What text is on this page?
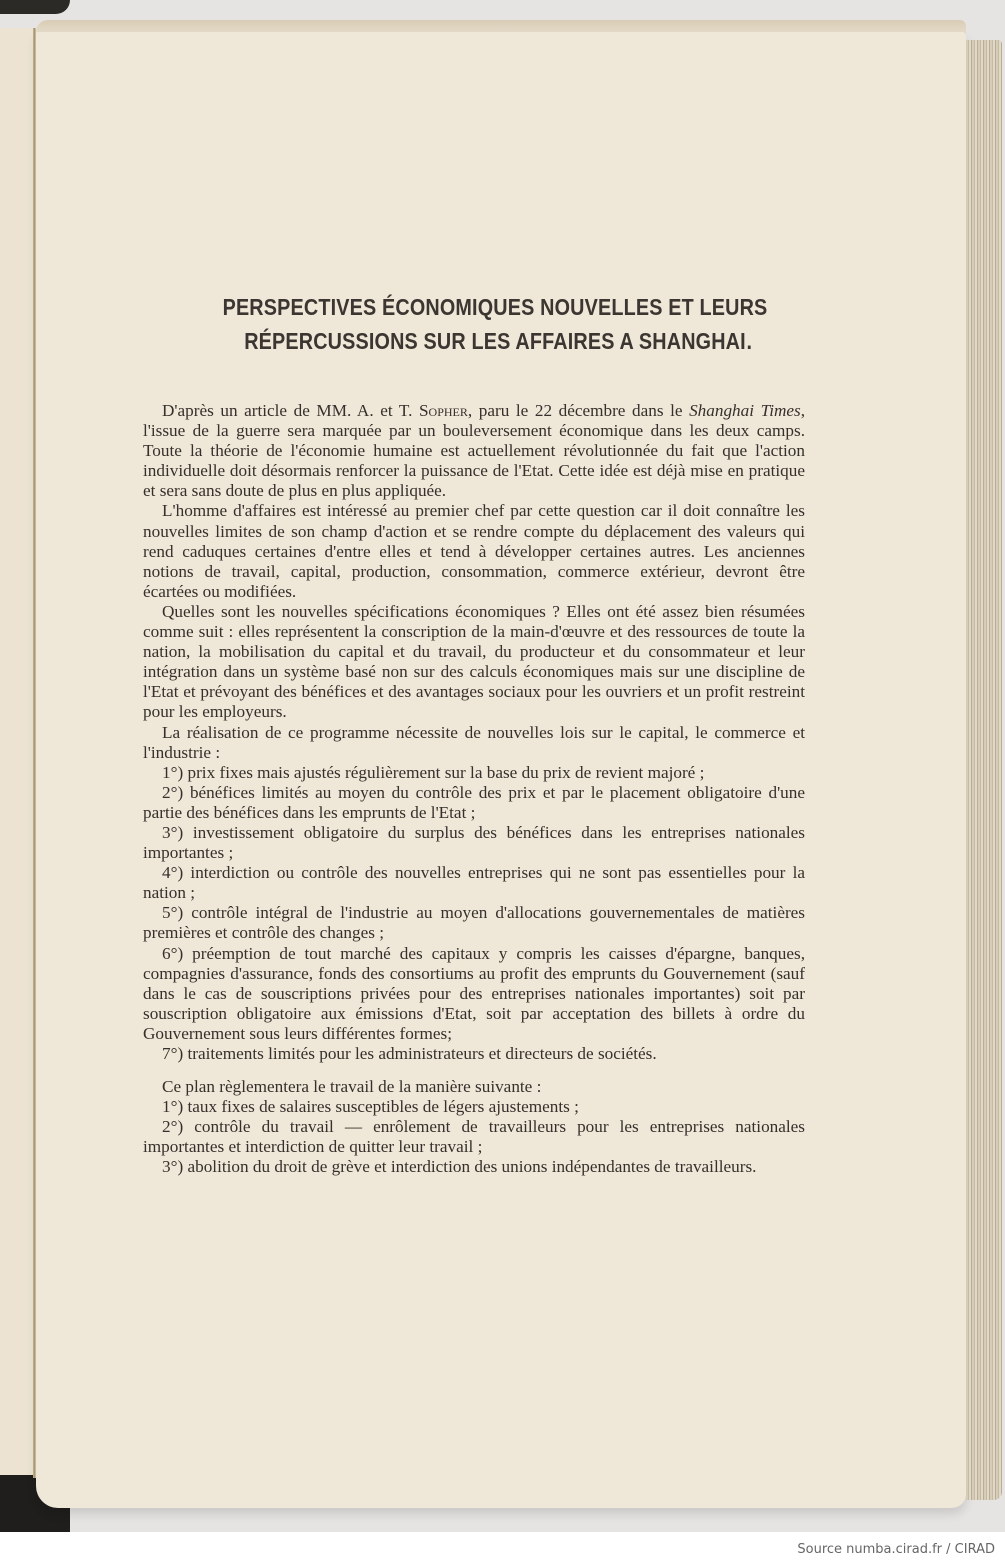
PERSPECTIVES ÉCONOMIQUES NOUVELLES ET LEURS
RÉPERCUSSIONS SUR LES AFFAIRES A SHANGHAI .

D'après un article de MM. A. et T. Sopher, paru le 22 décembre dans le Shanghai Times, l'issue de la guerre sera marquée par un bouleversement économique dans les deux camps. Toute la théorie de l'économie humaine est actuellement révolutionnée du fait que l'action individuelle doit désormais renforcer la puissance de l'Etat. Cette idée est déjà mise en pratique et sera sans doute de plus en plus appliquée.

L'homme d'affaires est intéressé au premier chef par cette question car il doit connaître les nouvelles limites de son champ d'action et se rendre compte du déplacement des valeurs qui rend caduques certaines d'entre elles et tend à développer certaines autres. Les anciennes notions de travail, capital, production, consommation, commerce extérieur, devront être écartées ou modifiées.

Quelles sont les nouvelles spécifications économiques ? Elles ont été assez bien résumées comme suit : elles représentent la conscription de la main-d'œuvre et des ressources de toute la nation, la mobilisation du capital et du travail, du producteur et du consommateur et leur intégration dans un système basé non sur des calculs économiques mais sur une discipline de l'Etat et prévoyant des bénéfices et des avantages sociaux pour les ouvriers et un profit restreint pour les employeurs.

La réalisation de ce programme nécessite de nouvelles lois sur le capital, le commerce et l'industrie :

1°) prix fixes mais ajustés régulièrement sur la base du prix de revient majoré ;

2°) bénéfices limités au moyen du contrôle des prix et par le placement obligatoire d'une partie des bénéfices dans les emprunts de l'Etat ;

3°) investissement obligatoire du surplus des bénéfices dans les entreprises nationales importantes ;

4°) interdiction ou contrôle des nouvelles entreprises qui ne sont pas essentielles pour la nation ;

5°) contrôle intégral de l'industrie au moyen d'allocations gouvernementales de matières premières et contrôle des changes ;

6°) préemption de tout marché des capitaux y compris les caisses d'épargne, banques, compagnies d'assurance, fonds des consortiums au profit des emprunts du Gouvernement (sauf dans le cas de souscriptions privées pour des entreprises nationales importantes) soit par souscription obligatoire aux émissions d'Etat, soit par acceptation des billets à ordre du Gouvernement sous leurs différentes formes;

7°) traitements limités pour les administrateurs et directeurs de sociétés.

Ce plan règlementera le travail de la manière suivante :

1°) taux fixes de salaires susceptibles de légers ajustements ;

2°) contrôle du travail — enrôlement de travailleurs pour les entreprises nationales importantes et interdiction de quitter leur travail ;

3°) abolition du droit de grève et interdiction des unions indépendantes de travailleurs.

Source numba.cirad.fr / CIRAD
